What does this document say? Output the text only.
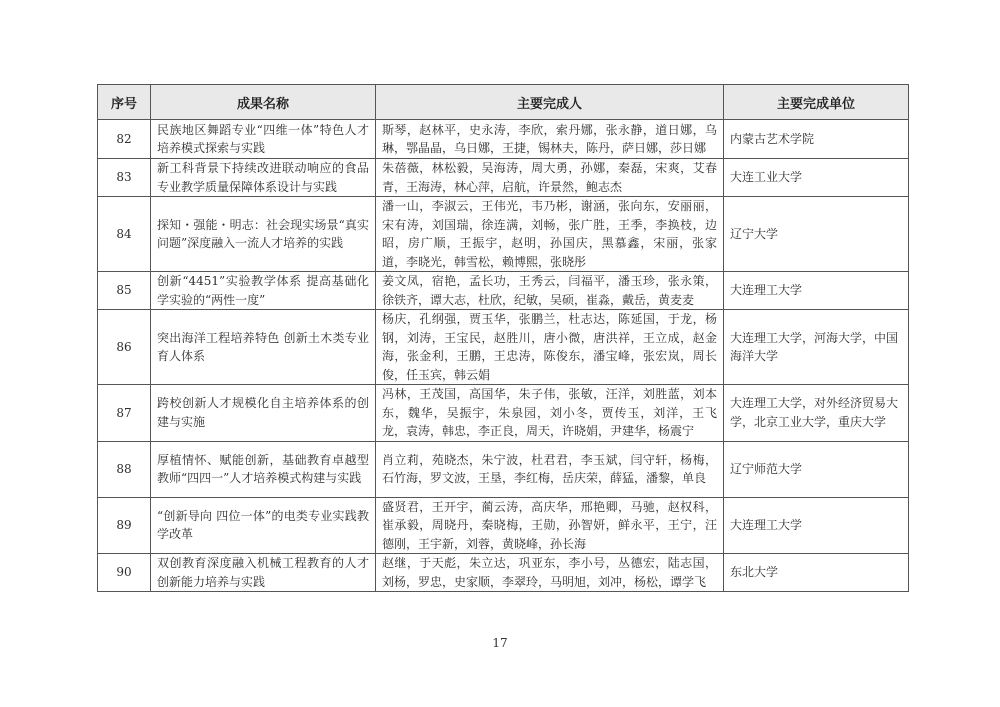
序号	成果名称	主要完成人	主要完成单位
82	民族地区舞蹈专业“四维一体”特色人才培养模式探索与实践	斯琴，赵林平，史永涛，李欣，索丹娜，张永静，道日娜，乌琳，鄂晶晶，乌日娜，王捷，锡林夫，陈丹，萨日娜，莎日娜	内蒙古艺术学院
83	新工科背景下持续改进联动响应的食品专业教学质量保障体系设计与实践	朱蓓薇，林松毅，吴海涛，周大勇，孙娜，秦磊，宋爽，艾春青，王海涛，林心萍，启航，许景然，鲍志杰	大连工业大学
84	探知・强能・明志：社会现实场景“真实问题”深度融入一流人才培养的实践	潘一山，李淑云，王伟光，韦乃彬，谢涵，张向东，安丽丽，宋有涛，刘国瑞，徐连满，刘畅，张广胜，王季，李换枝，边昭，房广顺，王振宇，赵明，孙国庆，黑慕鑫，宋丽，张家道，李晓光，韩雪松，赖博熙，张晓彤	辽宁大学
85	创新“4451”实验教学体系 提高基础化学实验的“两性一度”	姜文凤，宿艳，孟长功，王秀云，闫福平，潘玉珍，张永策，徐铁齐，谭大志，杜欣，纪敏，吴硕，崔淼，戴岳，黄麦麦	大连理工大学
86	突出海洋工程培养特色 创新土木类专业育人体系	杨庆，孔纲强，贾玉华，张鹏兰，杜志达，陈延国，于龙，杨钢，刘涛，王宝民，赵胜川，唐小微，唐洪祥，王立成，赵金海，张金利，王鹏，王忠涛，陈俊东，潘宝峰，张宏岚，周长俊，任玉宾，韩云娟	大连理工大学，河海大学，中国海洋大学
87	跨校创新人才规模化自主培养体系的创建与实施	冯林，王茂国，高国华，朱子伟，张敏，汪洋，刘胜蓝，刘本东，魏华，吴振宇，朱泉园，刘小冬，贾传玉，刘洋，王飞龙，袁涛，韩忠，李正良，周天，许晓娟，尹建华，杨震宁	大连理工大学，对外经济贸易大学，北京工业大学，重庆大学
88	厚植情怀、赋能创新，基础教育卓越型教师“四四一”人才培养模式构建与实践	肖立莉，苑晓杰，朱宁波，杜君君，李玉斌，闫守轩，杨梅，石竹海，罗文波，王垦，李红梅，岳庆荣，薛猛，潘黎，单良	辽宁师范大学
89	“创新导向 四位一体”的电类专业实践教学改革	盛贤君，王开宇，蔺云涛，高庆华，邢艳卿，马驰，赵权科，崔承毅，周晓丹，秦晓梅，王勋，孙智妍，鲜永平，王宁，汪德刚，王宇新，刘蓉，黄晓峰，孙长海	大连理工大学
90	双创教育深度融入机械工程教育的人才创新能力培养与实践	赵继，于天彪，朱立达，巩亚东，李小号，丛德宏，陆志国，刘杨，罗忠，史家顺，李翠玲，马明旭，刘冲，杨松，谭学飞	东北大学
17
